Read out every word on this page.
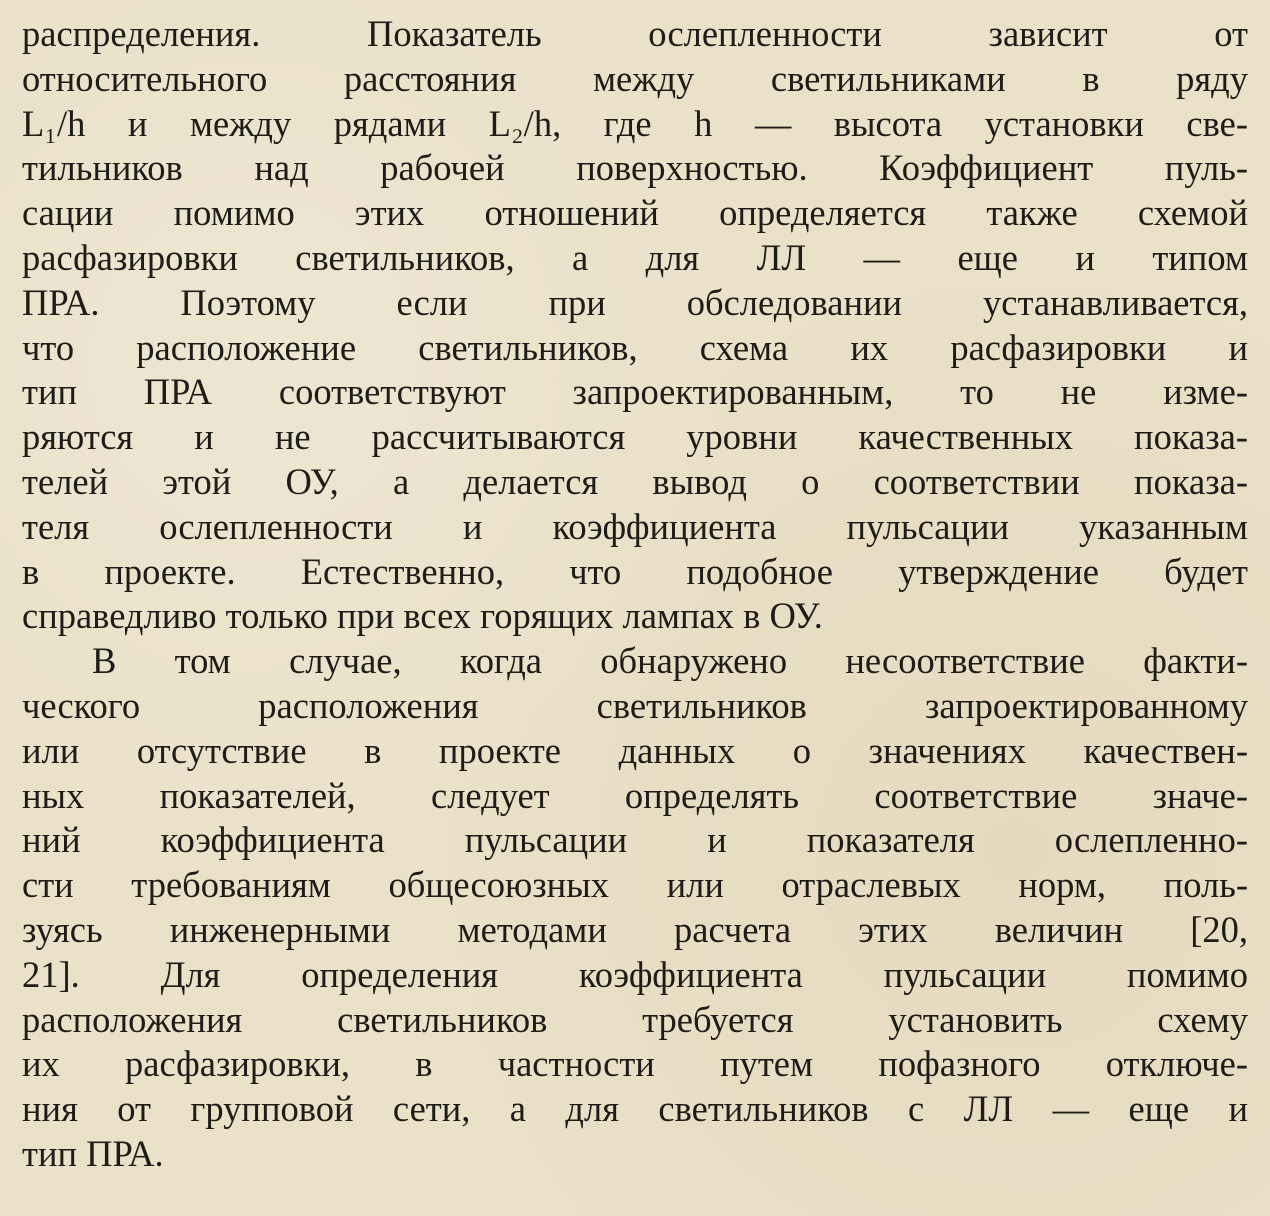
распределения. Показатель ослепленности зависит от
относительного расстояния между светильниками в ряду
L₁/h и между рядами L₂/h, где h — высота установки све-
тильников над рабочей поверхностью. Коэффициент пуль-
сации помимо этих отношений определяется также схемой
расфазировки светильников, а для ЛЛ — еще и типом
ПРА. Поэтому если при обследовании устанавливается,
что расположение светильников, схема их расфазировки и
тип ПРА соответствуют запроектированным, то не изме-
ряются и не рассчитываются уровни качественных показа-
телей этой ОУ, а делается вывод о соответствии показа-
теля ослепленности и коэффициента пульсации указанным
в проекте. Естественно, что подобное утверждение будет
справедливо только при всех горящих лампах в ОУ.
В том случае, когда обнаружено несоответствие факти-
ческого расположения светильников запроектированному
или отсутствие в проекте данных о значениях качествен-
ных показателей, следует определять соответствие значе-
ний коэффициента пульсации и показателя ослепленно-
сти требованиям общесоюзных или отраслевых норм, поль-
зуясь инженерными методами расчета этих величин [20,
21]. Для определения коэффициента пульсации помимо
расположения светильников требуется установить схему
их расфазировки, в частности путем пофазного отключе-
ния от групповой сети, а для светильников с ЛЛ — еще и
тип ПРА.
